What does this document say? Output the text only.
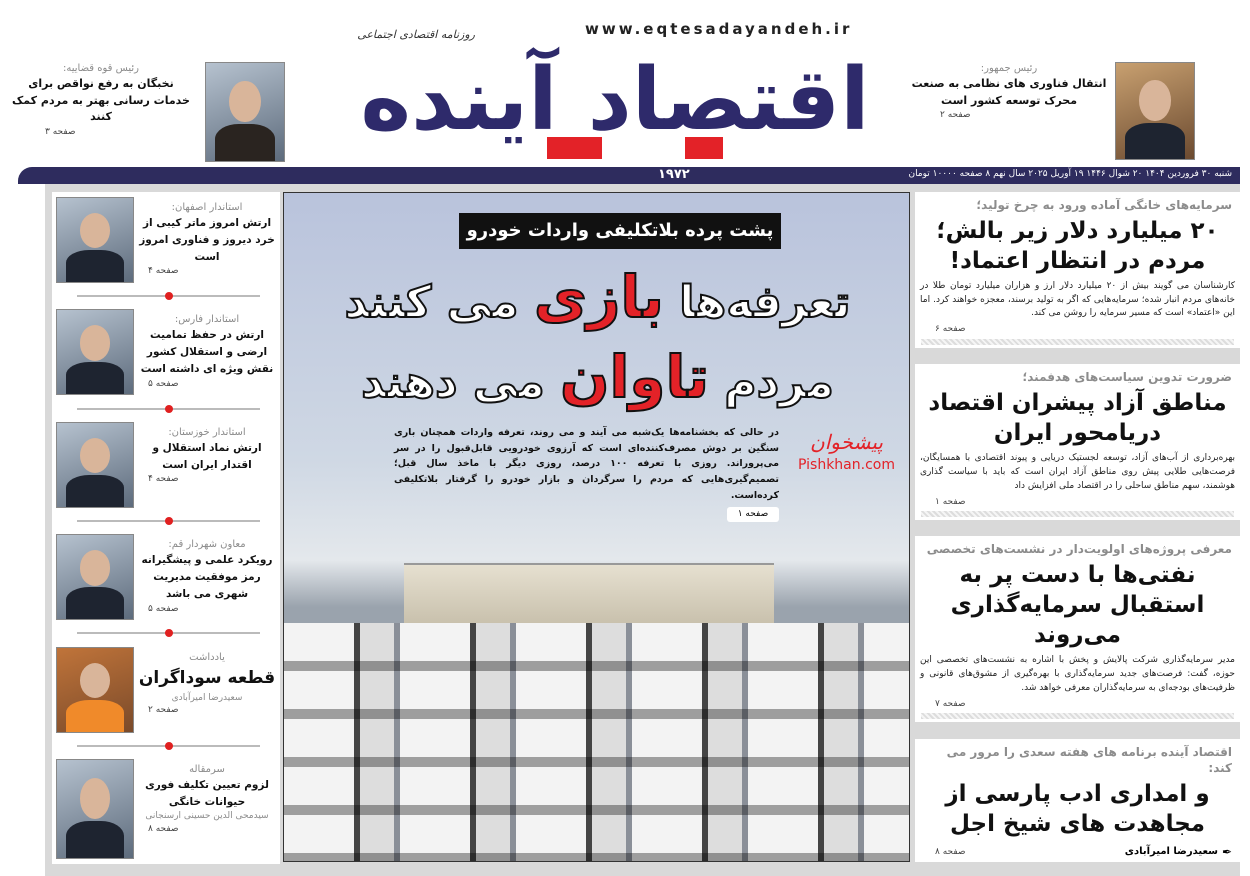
www.eqtesadayandeh.ir
روزنامه اقتصادی اجتماعی
اقتصاد آینده
رئیس قوه قضاییه:
نخبگان به رفع نواقص برای
خدمات رسانی بهتر به مردم کمک کنند
صفحه ۳
رئیس جمهور:
انتقال فناوری های نظامی به صنعت
محرک توسعه کشور است
صفحه ۲
شنبه ۳۰ فروردین ۱۴۰۴ ۲۰ شوال ۱۴۴۶ ۱۹ آوریل ۲۰۲۵ سال نهم ۸ صفحه ۱۰۰۰۰ تومان
۱۹۷۲
استاندار اصفهان:
ارتش امروز ماتر کیبی از خرد دیروز و فناوری امروز است
صفحه ۴
استاندار فارس:
ارتش در حفظ تمامیت ارضی و استقلال کشور نقش ویژه ای داشته است
صفحه ۵
استاندار خوزستان:
ارتش نماد استقلال و اقتدار ایران است
صفحه ۴
معاون شهردار قم:
رویکرد علمی و پیشگیرانه رمز موفقیت مدیریت شهری می باشد
صفحه ۵
یادداشت
قطعه سوداگران
سعیدرضا امیرآبادی
صفحه ۲
سرمقاله
لزوم تعیین تکلیف فوری حیوانات خانگی
سیدمحی الدین حسینی ارسنجانی
صفحه ۸
پشت پرده بلاتکلیفی واردات خودرو
تعرفه‌ها بازی می کنند
مردم تاوان می دهند
در حالی که بخشنامه‌ها یک‌شبه می آیند و می روند، تعرفه واردات همچنان باری سنگین بر دوش مصرف‌کننده‌ای است که آرزوی خودرویی قابل‌قبول را در سر می‌پروراند. روزی با تعرفه ۱۰۰ درصد، روزی دیگر با ماخذ سال قبل؛ تصمیم‌گیری‌هایی که مردم را سرگردان و بازار خودرو را گرفتار بلاتکلیفی کرده‌است.
صفحه ۱
پیشخوان
Pishkhan.com
سرمایه‌های خانگی آماده ورود به چرخ تولید؛
۲۰ میلیارد دلار زیر بالش؛ مردم در انتظار اعتماد!
کارشناسان می گویند بیش از ۲۰ میلیارد دلار ارز و هزاران میلیارد تومان طلا در خانه‌های مردم انبار شده؛ سرمایه‌هایی که اگر به تولید برسند، معجزه خواهند کرد. اما این «اعتماد» است که مسیر سرمایه را روشن می کند.
صفحه ۶
ضرورت تدوین سیاست‌های هدفمند؛
مناطق آزاد پیشران اقتصاد دریامحور ایران
بهره‌برداری از آب‌های آزاد، توسعه لجستیک دریایی و پیوند اقتصادی با همسایگان، فرصت‌هایی طلایی پیش روی مناطق آزاد ایران است که باید با سیاست گذاری هوشمند، سهم مناطق ساحلی را در اقتصاد ملی افزایش داد
صفحه ۱
معرفی پروژه‌های اولویت‌دار در نشست‌های تخصصی
نفتی‌ها با دست پر به استقبال سرمایه‌گذاری می‌روند
مدیر سرمایه‌گذاری شرکت پالایش و پخش با اشاره به نشست‌های تخصصی این حوزه، گفت: فرصت‌های جدید سرمایه‌گذاری با بهره‌گیری از مشوق‌های قانونی و ظرفیت‌های بودجه‌ای به سرمایه‌گذاران معرفی خواهد شد.
صفحه ۷
اقتصاد آینده برنامه های هفته سعدی را مرور می کند:
و امداری ادب پارسی از مجاهدت های شیخ اجل
✒
سعیدرضا امیرآبادی
صفحه ۸
